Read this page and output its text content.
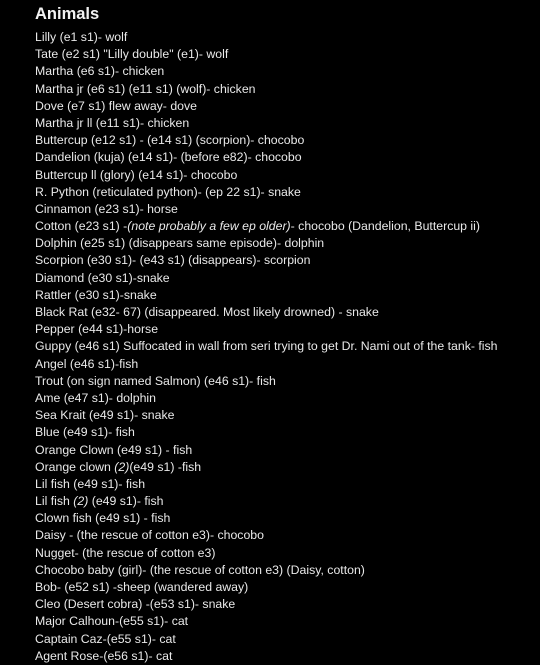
Animals
Lilly (e1 s1)- wolf
Tate (e2 s1) "Lilly double" (e1)- wolf
Martha (e6 s1)- chicken
Martha jr (e6 s1) (e11 s1) (wolf)- chicken
Dove (e7 s1) flew away- dove
Martha jr ll (e11 s1)- chicken
Buttercup (e12 s1) - (e14 s1) (scorpion)- chocobo
Dandelion (kuja) (e14 s1)- (before e82)- chocobo
Buttercup ll (glory) (e14 s1)- chocobo
R. Python (reticulated python)- (ep 22 s1)- snake
Cinnamon (e23 s1)- horse
Cotton (e23 s1) -(note probably a few ep older)- chocobo (Dandelion, Buttercup ii)
Dolphin (e25 s1) (disappears same episode)- dolphin
Scorpion (e30 s1)- (e43 s1) (disappears)- scorpion
Diamond (e30 s1)-snake
Rattler (e30 s1)-snake
Black Rat (e32- 67) (disappeared. Most likely drowned) - snake
Pepper (e44 s1)-horse
Guppy (e46 s1) Suffocated in wall from seri trying to get Dr. Nami out of the tank- fish
Angel (e46 s1)-fish
Trout (on sign named Salmon) (e46 s1)- fish
Ame (e47 s1)- dolphin
Sea Krait (e49 s1)- snake
Blue (e49 s1)- fish
Orange Clown (e49 s1) - fish
Orange clown (2)(e49 s1) -fish
Lil fish (e49 s1)- fish
Lil fish (2) (e49 s1)- fish
Clown fish (e49 s1) - fish
Daisy - (the rescue of cotton e3)- chocobo
Nugget- (the rescue of cotton e3)
Chocobo baby (girl)- (the rescue of cotton e3) (Daisy, cotton)
Bob- (e52 s1) -sheep (wandered away)
Cleo (Desert cobra) -(e53 s1)- snake
Major Calhoun-(e55 s1)- cat
Captain Caz-(e55 s1)- cat
Agent Rose-(e56 s1)- cat
